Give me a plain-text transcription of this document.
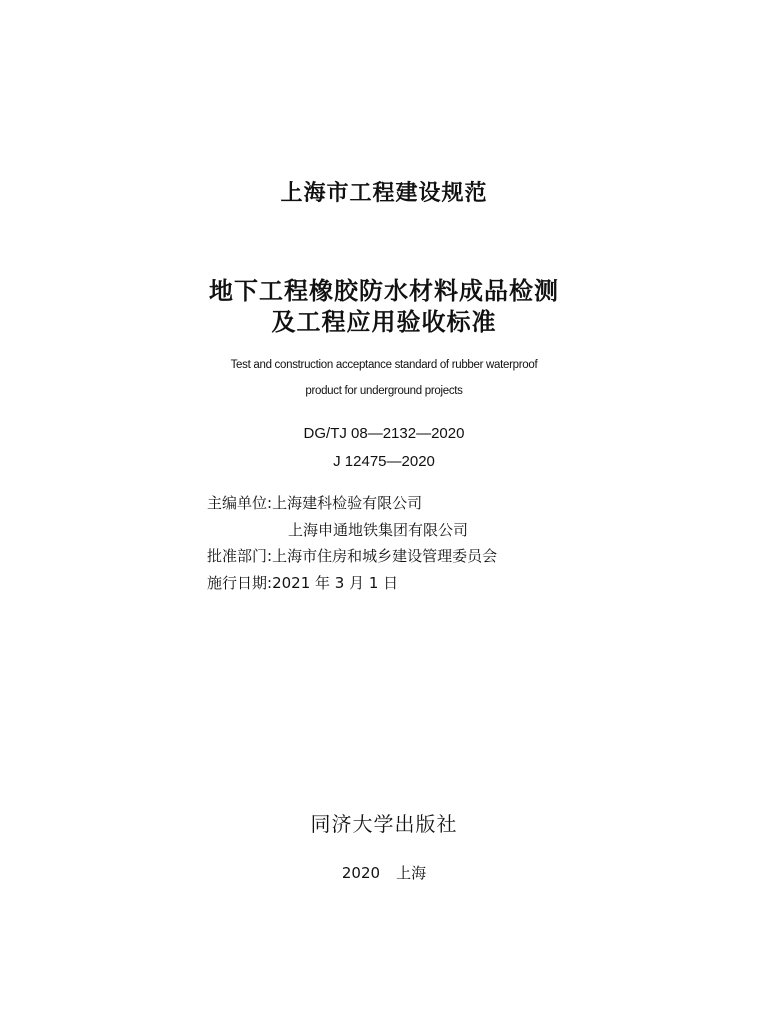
上海市工程建设规范
地下工程橡胶防水材料成品检测
及工程应用验收标准
Test and construction acceptance standard of rubber waterproof
product for underground projects
DG/TJ 08—2132—2020
J 12475—2020
主编单位:上海建科检验有限公司
上海申通地铁集团有限公司
批准部门:上海市住房和城乡建设管理委员会
施行日期:2021 年 3 月 1 日
同济大学出版社
2020 上海
